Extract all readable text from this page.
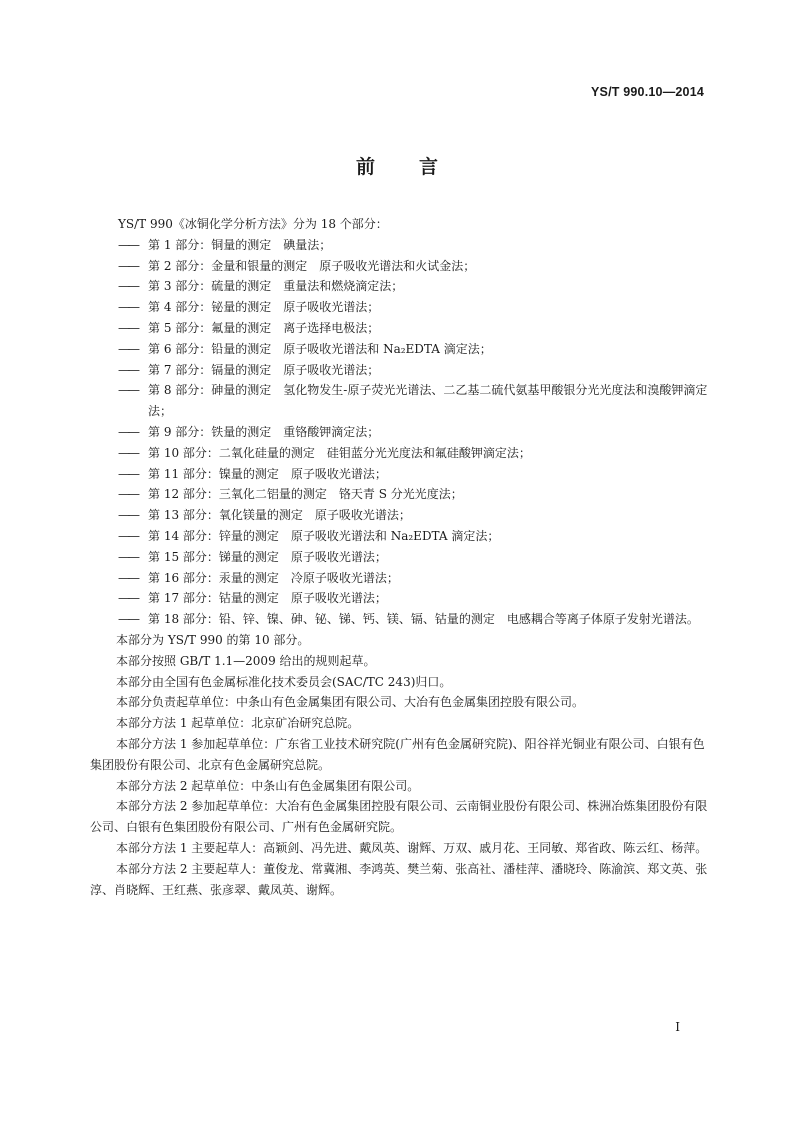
YS/T 990.10—2014
前言

YS/T 990《冰铜化学分析方法》分为 18 个部分：

—— 第 1 部分：铜量的测定　碘量法；

—— 第 2 部分：金量和银量的测定　原子吸收光谱法和火试金法；

—— 第 3 部分：硫量的测定　重量法和燃烧滴定法；

—— 第 4 部分：铋量的测定　原子吸收光谱法；

—— 第 5 部分：氟量的测定　离子选择电极法；

—— 第 6 部分：铅量的测定　原子吸收光谱法和 Na₂EDTA 滴定法；

—— 第 7 部分：镉量的测定　原子吸收光谱法；

—— 第 8 部分：砷量的测定　氢化物发生-原子荧光光谱法、二乙基二硫代氨基甲酸银分光光度法和溴酸钾滴定法；

—— 第 9 部分：铁量的测定　重铬酸钾滴定法；

—— 第 10 部分：二氧化硅量的测定　硅钼蓝分光光度法和氟硅酸钾滴定法；

—— 第 11 部分：镍量的测定　原子吸收光谱法；

—— 第 12 部分：三氧化二铝量的测定　铬天青 S 分光光度法；

—— 第 13 部分：氧化镁量的测定　原子吸收光谱法；

—— 第 14 部分：锌量的测定　原子吸收光谱法和 Na₂EDTA 滴定法；

—— 第 15 部分：锑量的测定　原子吸收光谱法；

—— 第 16 部分：汞量的测定　冷原子吸收光谱法；

—— 第 17 部分：钴量的测定　原子吸收光谱法；

—— 第 18 部分：铅、锌、镍、砷、铋、锑、钙、镁、镉、钴量的测定　电感耦合等离子体原子发射光谱法。

本部分为 YS/T 990 的第 10 部分。

本部分按照 GB/T 1.1—2009 给出的规则起草。

本部分由全国有色金属标准化技术委员会(SAC/TC 243)归口。

本部分负责起草单位：中条山有色金属集团有限公司、大冶有色金属集团控股有限公司。

本部分方法 1 起草单位：北京矿冶研究总院。

本部分方法 1 参加起草单位：广东省工业技术研究院(广州有色金属研究院)、阳谷祥光铜业有限公司、白银有色集团股份有限公司、北京有色金属研究总院。

本部分方法 2 起草单位：中条山有色金属集团有限公司。

本部分方法 2 参加起草单位：大冶有色金属集团控股有限公司、云南铜业股份有限公司、株洲冶炼集团股份有限公司、白银有色集团股份有限公司、广州有色金属研究院。

本部分方法 1 主要起草人：高颖剑、冯先进、戴凤英、谢辉、万双、戚月花、王同敏、郑省政、陈云红、杨萍。

本部分方法 2 主要起草人：董俊龙、常冀湘、李鸿英、樊兰菊、张高社、潘桂萍、潘晓玲、陈渝滨、郑文英、张淳、肖晓辉、王红燕、张彦翠、戴凤英、谢辉。

I
